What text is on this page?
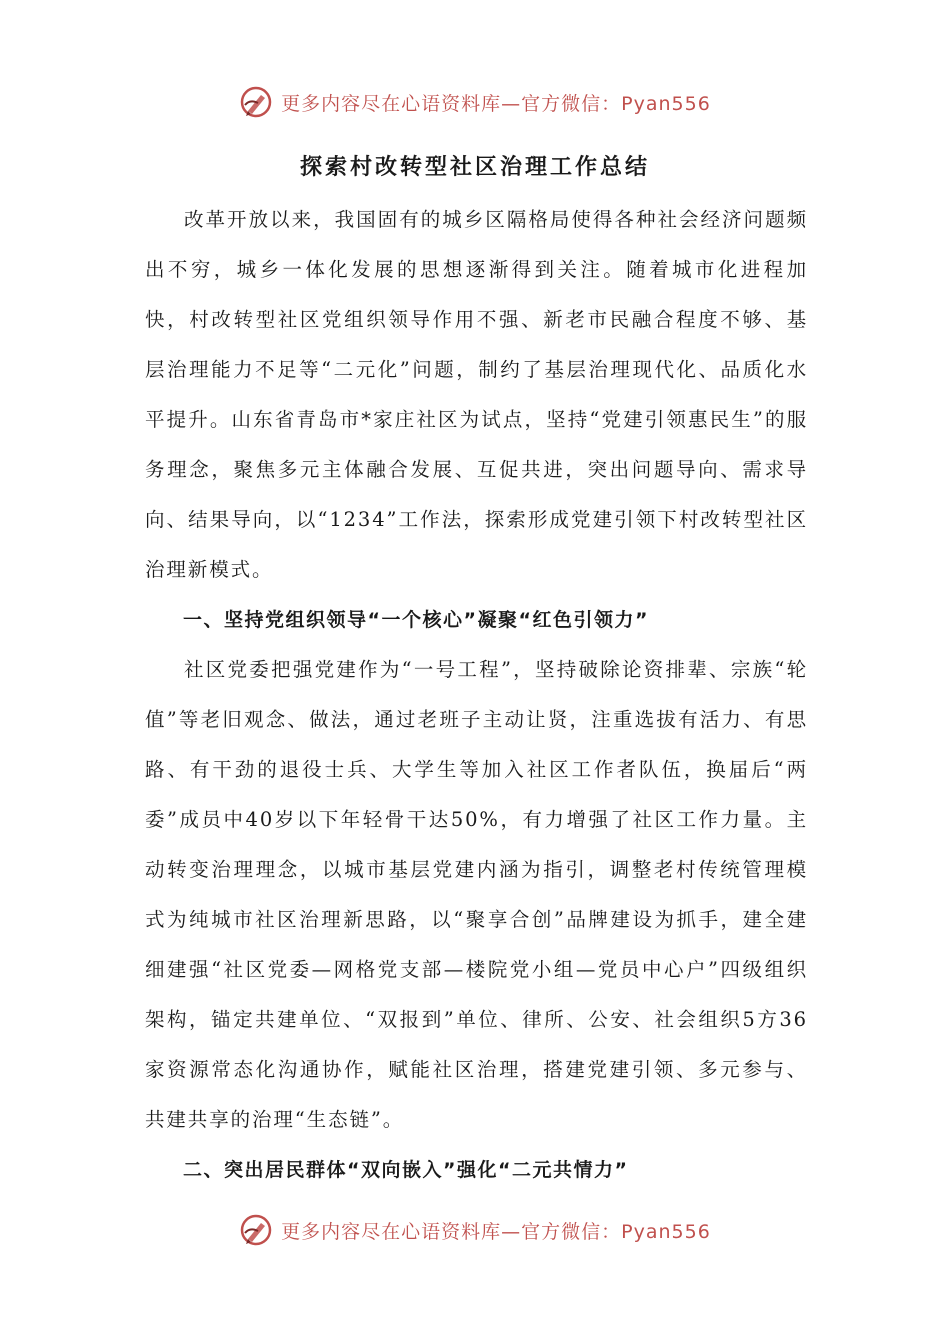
更多内容尽在心语资料库—官方微信：Pyan556
探索村改转型社区治理工作总结

改革开放以来，我国固有的城乡区隔格局使得各种社会经济问题频出不穷，城乡一体化发展的思想逐渐得到关注。随着城市化进程加快，村改转型社区党组织领导作用不强、新老市民融合程度不够、基层治理能力不足等“二元化”问题，制约了基层治理现代化、品质化水平提升。山东省青岛市*家庄社区为试点，坚持“党建引领惠民生”的服务理念，聚焦多元主体融合发展、互促共进，突出问题导向、需求导向、结果导向，以“1234”工作法，探索形成党建引领下村改转型社区治理新模式。

一、坚持党组织领导“一个核心”凝聚“红色引领力”

社区党委把强党建作为“一号工程”，坚持破除论资排辈、宗族“轮值”等老旧观念、做法，通过老班子主动让贤，注重选拔有活力、有思路、有干劲的退役士兵、大学生等加入社区工作者队伍，换届后“两委”成员中40岁以下年轻骨干达50%，有力增强了社区工作力量。主动转变治理理念，以城市基层党建内涵为指引，调整老村传统管理模式为纯城市社区治理新思路，以“聚享合创”品牌建设为抓手，建全建细建强“社区党委—网格党支部—楼院党小组—党员中心户”四级组织架构，锚定共建单位、“双报到”单位、律所、公安、社会组织5方36家资源常态化沟通协作，赋能社区治理，搭建党建引领、多元参与、共建共享的治理“生态链”。

二、突出居民群体“双向嵌入”强化“二元共情力”

更多内容尽在心语资料库—官方微信：Pyan556
